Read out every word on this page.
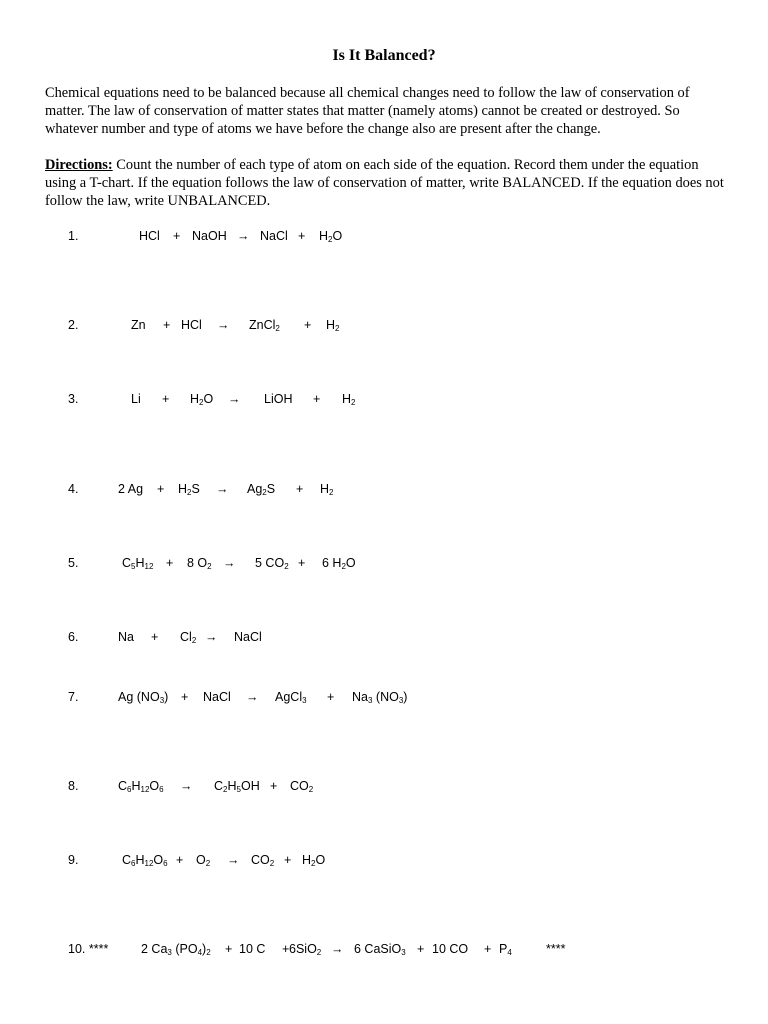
Is It Balanced?
Chemical equations need to be balanced because all chemical changes need to follow the law of conservation of matter. The law of conservation of matter states that matter (namely atoms) cannot be created or destroyed. So whatever number and type of atoms we have before the change also are present after the change.
Directions: Count the number of each type of atom on each side of the equation. Record them under the equation using a T-chart. If the equation follows the law of conservation of matter, write BALANCED. If the equation does not follow the law, write UNBALANCED.
1.	HCl + NaOH → NaCl + $H_2O$
2.	Zn + HCl → ZnCl$_2$ + $H_2$
3.	$Li + H_2O$ → LiOH + $H_2$
4.	2 $Ag + H_2S \to Ag_2S + H_2$
5.	$C_5H_{12} + 8$ $O_2 \to 5$ $CO_2 + 6$ $H_2O$
6.	$Na + Cl_2$ → NaCl
7.	Ag $(NO_3)$ + NaCl → AgCl$_3$ + $Na_3$ $(NO_3)$
8.	$C_6H_{12}O_6 \to C_2H_5OH + CO_2$
9.	$C_6H_{12}O_6 + O_2 \to CO_2 + H_2O$
10. ****	2 $Ca_3$ $(PO_4)_2 + 10$ C + 6SiO$_2$ → 6 CaSiO$_3$ + 10 CO + $P_4$	****
